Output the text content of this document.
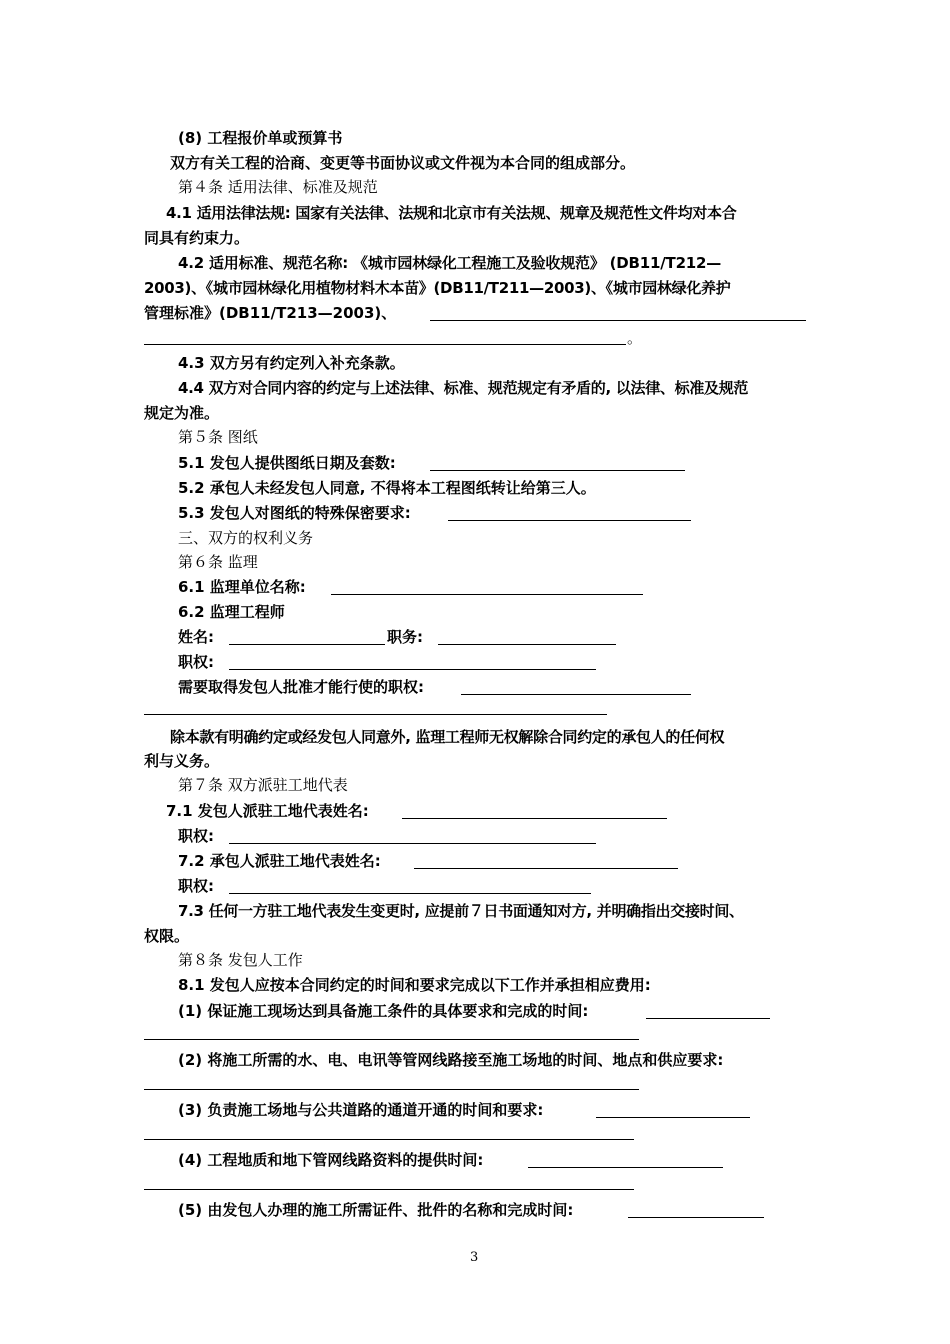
(8) 工程报价单或预算书
双方有关工程的洽商、变更等书面协议或文件视为本合同的组成部分。
第４条 适用法律、标准及规范
4.1 适用法律法规: 国家有关法律、法规和北京市有关法规、规章及规范性文件均对本合
同具有约束力。
4.2 适用标准、规范名称: 《城市园林绿化工程施工及验收规范》 (DB11/T212—
2003)、《城市园林绿化用植物材料木本苗》(DB11/T211—2003)、《城市园林绿化养护
管理标准》(DB11/T213—2003)、
。
4.3 双方另有约定列入补充条款。
4.4 双方对合同内容的约定与上述法律、标准、规范规定有矛盾的, 以法律、标准及规范
规定为准。
第５条 图纸
5.1 发包人提供图纸日期及套数:
5.2 承包人未经发包人同意, 不得将本工程图纸转让给第三人。
5.3 发包人对图纸的特殊保密要求:
三、双方的权利义务
第６条 监理
6.1 监理单位名称:
6.2 监理工程师
姓名:	职务:
职权:
需要取得发包人批准才能行使的职权:
除本款有明确约定或经发包人同意外, 监理工程师无权解除合同约定的承包人的任何权
利与义务。
第７条 双方派驻工地代表
7.1 发包人派驻工地代表姓名:
职权:
7.2 承包人派驻工地代表姓名:
职权:
7.3 任何一方驻工地代表发生变更时, 应提前７日书面通知对方, 并明确指出交接时间、
权限。
第８条 发包人工作
8.1 发包人应按本合同约定的时间和要求完成以下工作并承担相应费用:
(1) 保证施工现场达到具备施工条件的具体要求和完成的时间:
(2) 将施工所需的水、电、电讯等管网线路接至施工场地的时间、地点和供应要求:
(3) 负责施工场地与公共道路的通道开通的时间和要求:
(4) 工程地质和地下管网线路资料的提供时间:
(5) 由发包人办理的施工所需证件、批件的名称和完成时间:
3
